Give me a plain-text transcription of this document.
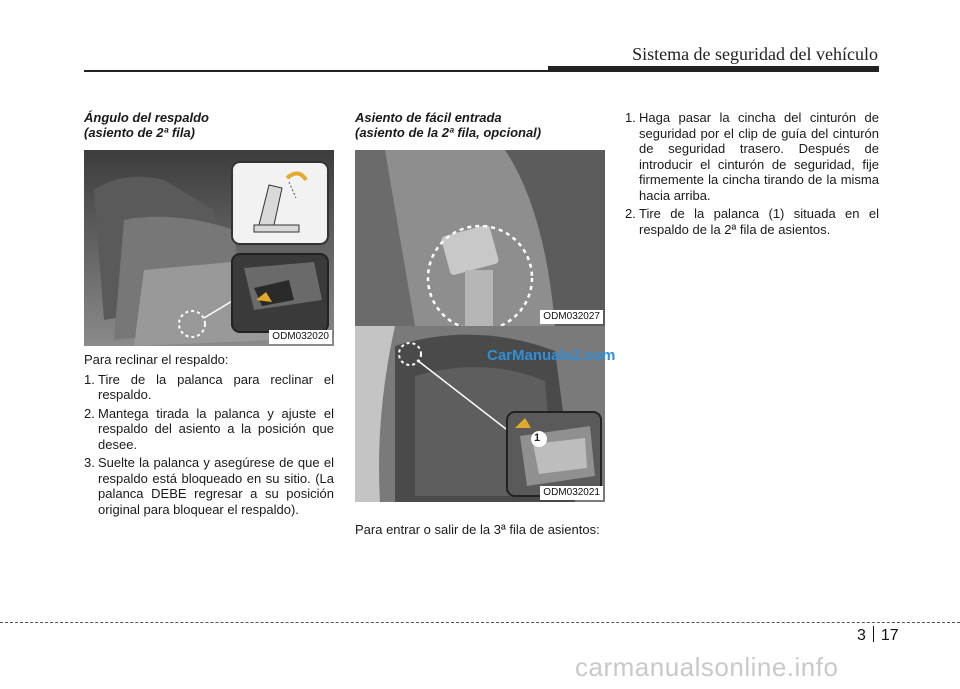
Sistema de seguridad del vehículo
Ángulo del respaldo
(asiento de 2ª fila)
ODM032020

Para reclinar el respaldo:

1. Tire de la palanca para reclinar el respaldo.
2. Mantega tirada la palanca y ajuste el respaldo del asiento a la posición que desee.
3. Suelte la palanca y asegúrese de que el respaldo está bloqueado en su sitio. (La palanca DEBE regresar a su posición original para bloquear el respaldo).
Asiento de fácil entrada
(asiento de la 2ª fila, opcional)
ODM032027
1
ODM032021

Para entrar o salir de la 3ª fila de asientos:

1. Haga pasar la cincha del cinturón de seguridad por el clip de guía del cinturón de seguridad trasero. Después de introducir el cinturón de seguridad, fije firmemente la cincha tirando de la misma hacia arriba.
2. Tire de la palanca (1) situada en el respaldo de la 2ª fila de asientos.
CarManuals2.com
3 17
carmanualsonline.info
